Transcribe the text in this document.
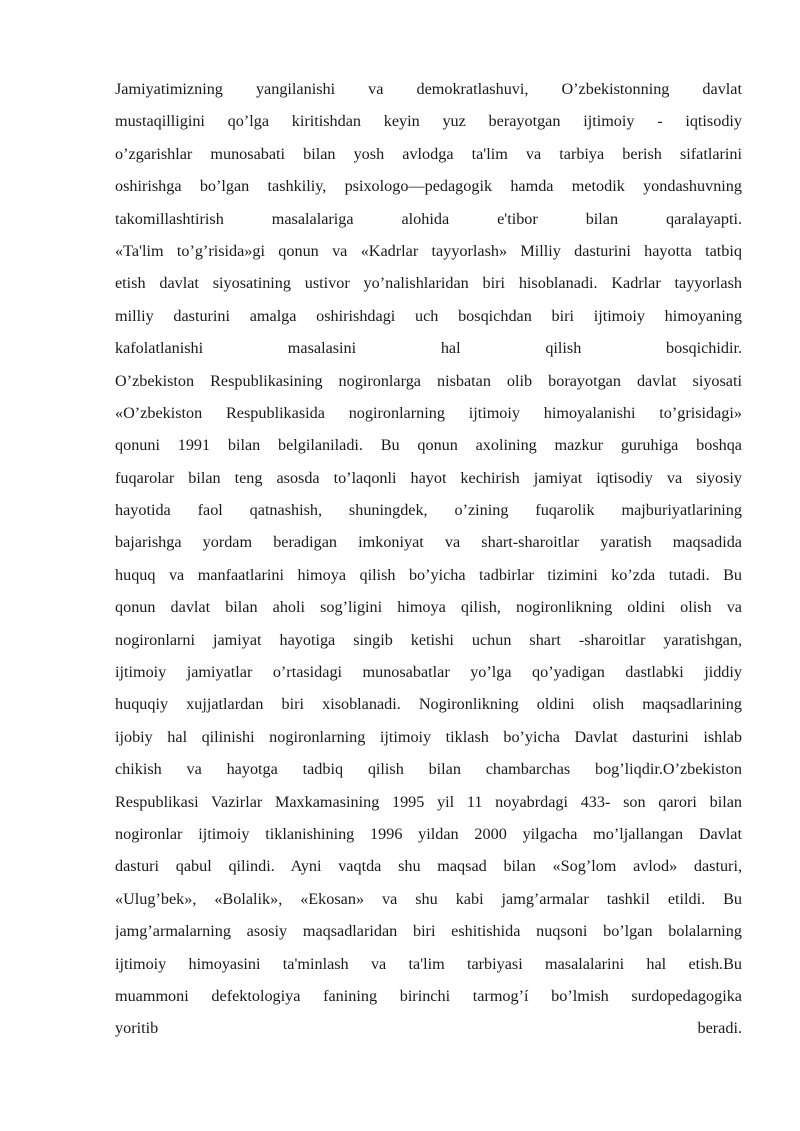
Jamiyatimizning yangilanishi va demokratlashuvi, O’zbekistonning davlat
mustaqilligini qo’lga kiritishdan keyin yuz berayotgan ijtimoiy - iqtisodiy
o’zgarishlar munosabati bilan yosh avlodga ta'lim va tarbiya berish sifatlarini
oshirishga bo’lgan tashkiliy, psixologo—pedagogik hamda metodik yondashuvning
takomillashtirish masalalariga alohida e'tibor bilan qaralayapti.
«Ta'lim to’g’risida»gi qonun va «Kadrlar tayyorlash» Milliy dasturini hayotta tatbiq
etish davlat siyosatining ustivor yo’nalishlaridan biri hisoblanadi. Kadrlar tayyorlash
milliy dasturini amalga oshirishdagi uch bosqichdan biri ijtimoiy himoyaning
kafolatlanishi masalasini hal qilish bosqichidir.
O’zbekiston Respublikasining nogironlarga nisbatan olib borayotgan davlat siyosati
«O’zbekiston Respublikasida nogironlarning ijtimoiy himoyalanishi to’grisidagi»
qonuni 1991 bilan belgilaniladi. Bu qonun axolining mazkur guruhiga boshqa
fuqarolar bilan teng asosda to’laqonli hayot kechirish jamiyat iqtisodiy va siyosiy
hayotida faol qatnashish, shuningdek, o’zining fuqarolik majburiyatlarining
bajarishga yordam beradigan imkoniyat va shart-sharoitlar yaratish maqsadida
huquq va manfaatlarini himoya qilish bo’yicha tadbirlar tizimini ko’zda tutadi. Bu
qonun davlat bilan aholi sog’ligini himoya qilish, nogironlikning oldini olish va
nogironlarni jamiyat hayotiga singib ketishi uchun shart -sharoitlar yaratishgan,
ijtimoiy jamiyatlar o’rtasidagi munosabatlar yo’lga qo’yadigan dastlabki jiddiy
huquqiy xujjatlardan biri xisoblanadi. Nogironlikning oldini olish maqsadlarining
ijobiy hal qilinishi nogironlarning ijtimoiy tiklash bo’yicha Davlat dasturini ishlab
chikish va hayotga tadbiq qilish bilan chambarchas bog’liqdir.O’zbekiston
Respublikasi Vazirlar Maxkamasining 1995 yil 11 noyabrdagi 433- son qarori bilan
nogironlar ijtimoiy tiklanishining 1996 yildan 2000 yilgacha mo’ljallangan Davlat
dasturi qabul qilindi. Ayni vaqtda shu maqsad bilan «Sog’lom avlod» dasturi,
«Ulug’bek», «Bolalik», «Ekosan» va shu kabi jamg’armalar tashkil etildi. Bu
jamg’armalarning asosiy maqsadlaridan biri eshitishida nuqsoni bo’lgan bolalarning
ijtimoiy himoyasini ta'minlash va ta'lim tarbiyasi masalalarini hal etish.Bu
muammoni defektologiya fanining birinchi tarmog’í bo’lmish surdopedagogika
yoritib beradi.
